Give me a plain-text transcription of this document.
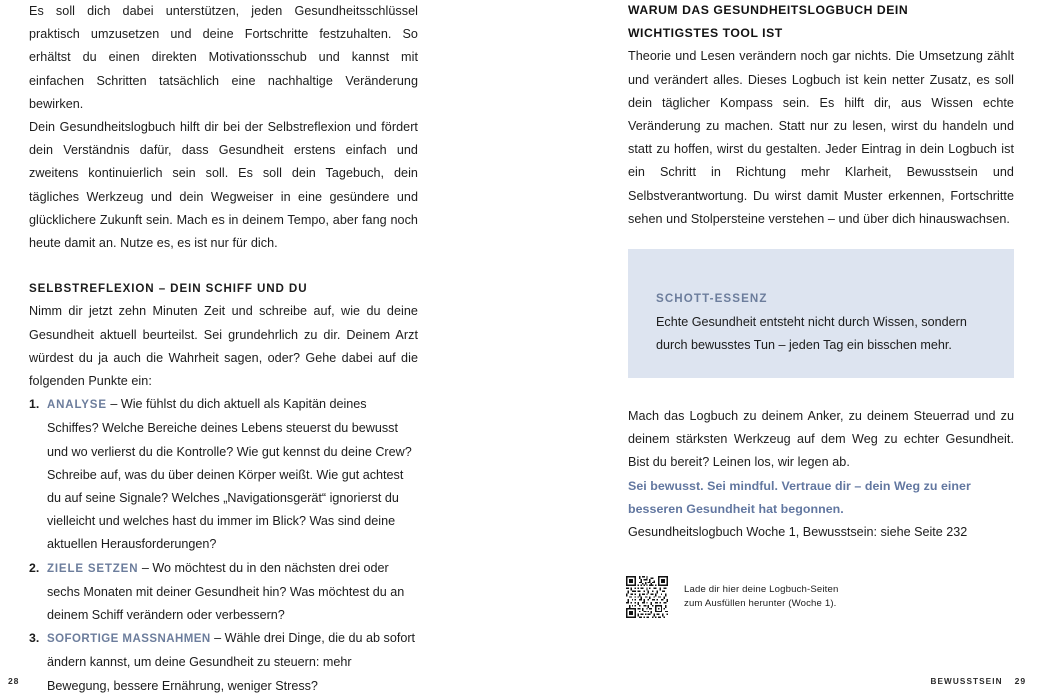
Es soll dich dabei unterstützen, jeden Gesundheitsschlüssel praktisch umzusetzen und deine Fortschritte festzuhalten. So erhältst du einen direkten Motivationsschub und kannst mit einfachen Schritten tatsächlich eine nachhaltige Veränderung bewirken.

Dein Gesundheitslogbuch hilft dir bei der Selbstreflexion und fördert dein Verständnis dafür, dass Gesundheit erstens einfach und zweitens kontinuierlich sein soll. Es soll dein Tagebuch, dein tägliches Werkzeug und dein Wegweiser in eine gesündere und glücklichere Zukunft sein. Mach es in deinem Tempo, aber fang noch heute damit an. Nutze es, es ist nur für dich.

SELBSTREFLEXION – DEIN SCHIFF UND DU

Nimm dir jetzt zehn Minuten Zeit und schreibe auf, wie du deine Gesundheit aktuell beurteilst. Sei grundehrlich zu dir. Deinem Arzt würdest du ja auch die Wahrheit sagen, oder? Gehe dabei auf die folgenden Punkte ein:

1. ANALYSE – Wie fühlst du dich aktuell als Kapitän deines Schiffes? Welche Bereiche deines Lebens steuerst du bewusst und wo verlierst du die Kontrolle? Wie gut kennst du deine Crew? Schreibe auf, was du über deinen Körper weißt. Wie gut achtest du auf seine Signale? Welches „Navigationsgerät“ ignorierst du vielleicht und welches hast du immer im Blick? Was sind deine aktuellen Herausforderungen?
2. ZIELE SETZEN – Wo möchtest du in den nächsten drei oder sechs Monaten mit deiner Gesundheit hin? Was möchtest du an deinem Schiff verändern oder verbessern?
3. SOFORTIGE MASSNAHMEN – Wähle drei Dinge, die du ab sofort ändern kannst, um deine Gesundheit zu steuern: mehr Bewegung, bessere Ernährung, weniger Stress?
28
WARUM DAS GESUNDHEITSLOGBUCH DEIN
WICHTIGSTES TOOL IST

Theorie und Lesen verändern noch gar nichts. Die Umsetzung zählt und verändert alles. Dieses Logbuch ist kein netter Zusatz, es soll dein täglicher Kompass sein. Es hilft dir, aus Wissen echte Veränderung zu machen. Statt nur zu lesen, wirst du handeln und statt zu hoffen, wirst du gestalten. Jeder Eintrag in dein Logbuch ist ein Schritt in Richtung mehr Klarheit, Bewusstsein und Selbstverantwortung. Du wirst damit Muster erkennen, Fortschritte sehen und Stolpersteine verstehen – und über dich hinauswachsen.

SCHOTT-ESSENZ

Echte Gesundheit entsteht nicht durch Wissen, sondern durch bewusstes Tun – jeden Tag ein bisschen mehr.

Mach das Logbuch zu deinem Anker, zu deinem Steuerrad und zu deinem stärksten Werkzeug auf dem Weg zu echter Gesundheit. Bist du bereit? Leinen los, wir legen ab.

Sei bewusst. Sei mindful. Vertraue dir – dein Weg zu einer besseren Gesundheit hat begonnen.

Gesundheitslogbuch Woche 1, Bewusstsein: siehe Seite 232

Lade dir hier deine Logbuch-Seiten
zum Ausfüllen herunter (Woche 1).
BEWUSSTSEIN 29
